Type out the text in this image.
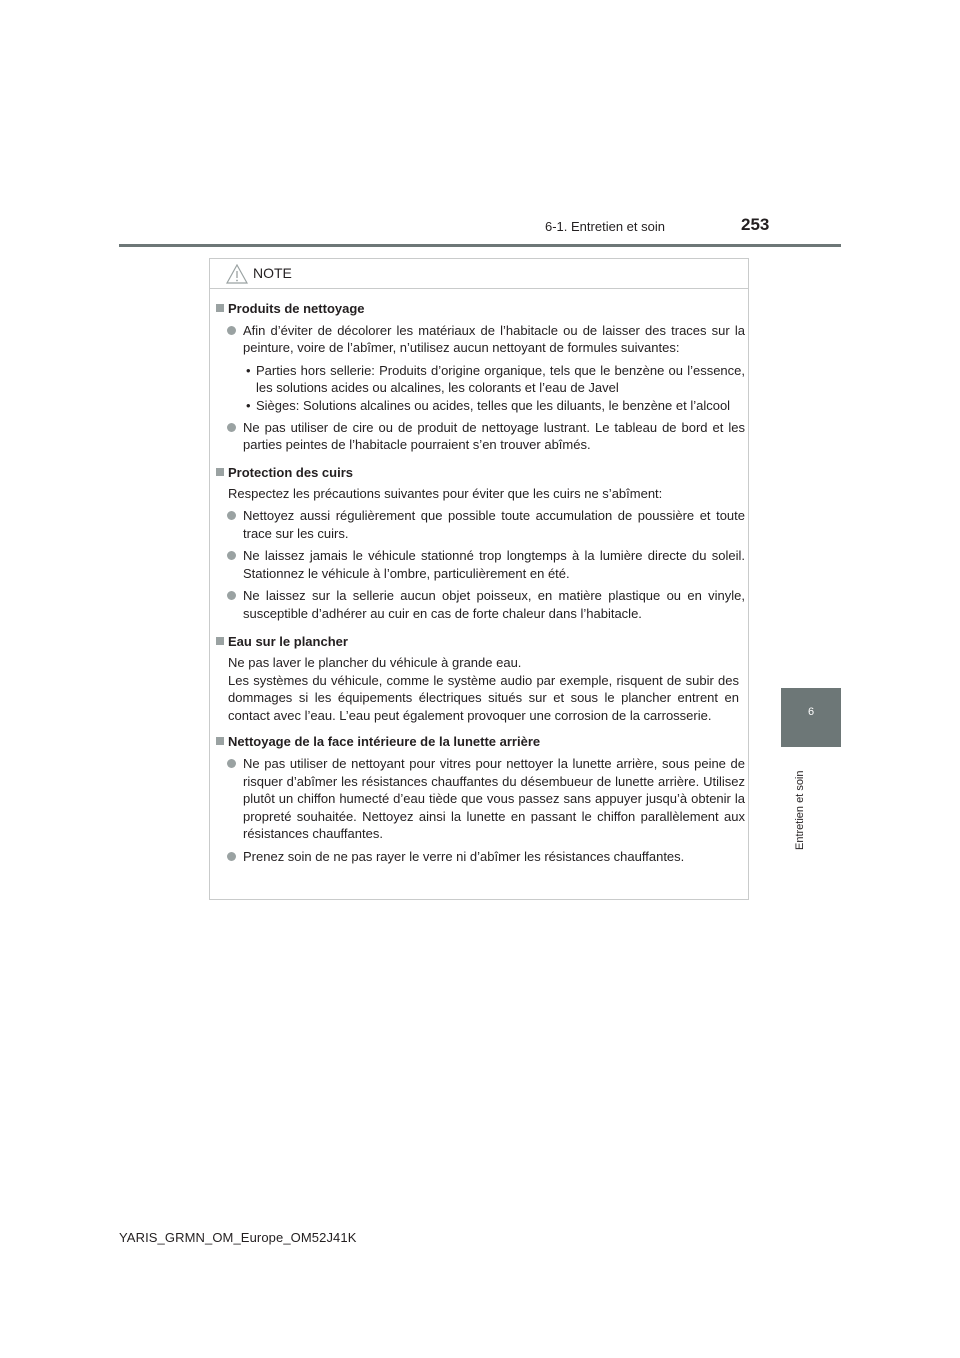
6-1. Entretien et soin	253
6
Entretien et soin
NOTE
Produits de nettoyage
Afin d’éviter de décolorer les matériaux de l’habitacle ou de laisser des traces sur la peinture, voire de l’abîmer, n’utilisez aucun nettoyant de formules suivantes:
• Parties hors sellerie: Produits d’origine organique, tels que le benzène ou l’essence, les solutions acides ou alcalines, les colorants et l’eau de Javel
• Sièges: Solutions alcalines ou acides, telles que les diluants, le benzène et l’alcool
Ne pas utiliser de cire ou de produit de nettoyage lustrant. Le tableau de bord et les parties peintes de l’habitacle pourraient s’en trouver abîmés.
Protection des cuirs
Respectez les précautions suivantes pour éviter que les cuirs ne s’abîment:
Nettoyez aussi régulièrement que possible toute accumulation de poussière et toute trace sur les cuirs.
Ne laissez jamais le véhicule stationné trop longtemps à la lumière directe du soleil. Stationnez le véhicule à l’ombre, particulièrement en été.
Ne laissez sur la sellerie aucun objet poisseux, en matière plastique ou en vinyle, susceptible d’adhérer au cuir en cas de forte chaleur dans l’habitacle.
Eau sur le plancher
Ne pas laver le plancher du véhicule à grande eau.
Les systèmes du véhicule, comme le système audio par exemple, risquent de subir des dommages si les équipements électriques situés sur et sous le plancher entrent en contact avec l’eau. L’eau peut également provoquer une corrosion de la carrosserie.
Nettoyage de la face intérieure de la lunette arrière
Ne pas utiliser de nettoyant pour vitres pour nettoyer la lunette arrière, sous peine de risquer d’abîmer les résistances chauffantes du désembueur de lunette arrière. Utilisez plutôt un chiffon humecté d’eau tiède que vous passez sans appuyer jusqu’à obtenir la propreté souhaitée. Nettoyez ainsi la lunette en passant le chiffon parallèlement aux résistances chauffantes.
Prenez soin de ne pas rayer le verre ni d’abîmer les résistances chauffantes.
YARIS_GRMN_OM_Europe_OM52J41K
